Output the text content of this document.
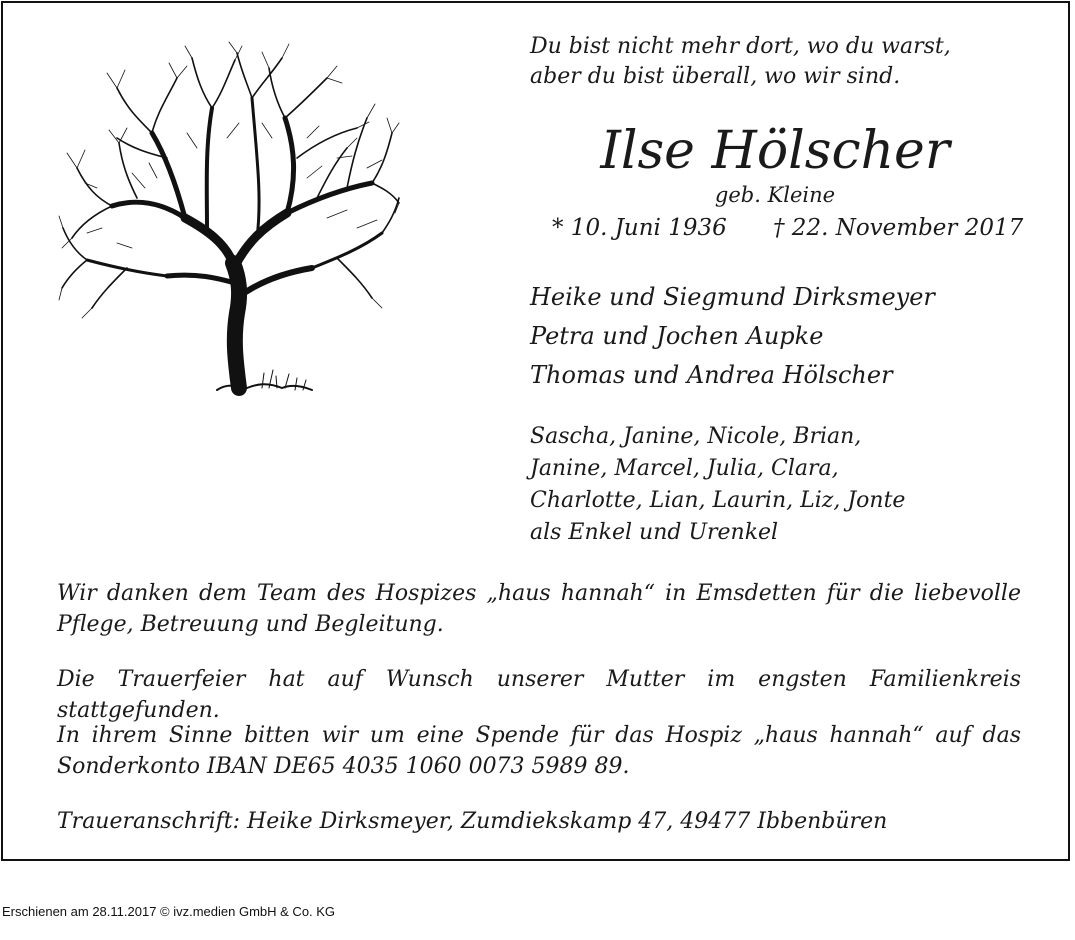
Du bist nicht mehr dort, wo du warst,
aber du bist überall, wo wir sind.
Ilse Hölscher
geb. Kleine
* 10. Juni 1936 † 22. November 2017
Heike und Siegmund Dirksmeyer
Petra und Jochen Aupke
Thomas und Andrea Hölscher
Sascha, Janine, Nicole, Brian,
Janine, Marcel, Julia, Clara,
Charlotte, Lian, Laurin, Liz, Jonte
als Enkel und Urenkel
Wir danken dem Team des Hospizes „haus hannah“ in Emsdetten für die liebevolle Pflege, Betreuung und Begleitung.
Die Trauerfeier hat auf Wunsch unserer Mutter im engsten Familienkreis stattgefunden.
In ihrem Sinne bitten wir um eine Spende für das Hospiz „haus hannah“ auf das Sonderkonto IBAN DE65 4035 1060 0073 5989 89.
Traueranschrift: Heike Dirksmeyer, Zumdiekskamp 47, 49477 Ibbenbüren
Erschienen am 28.11.2017 © ivz.medien GmbH & Co. KG
